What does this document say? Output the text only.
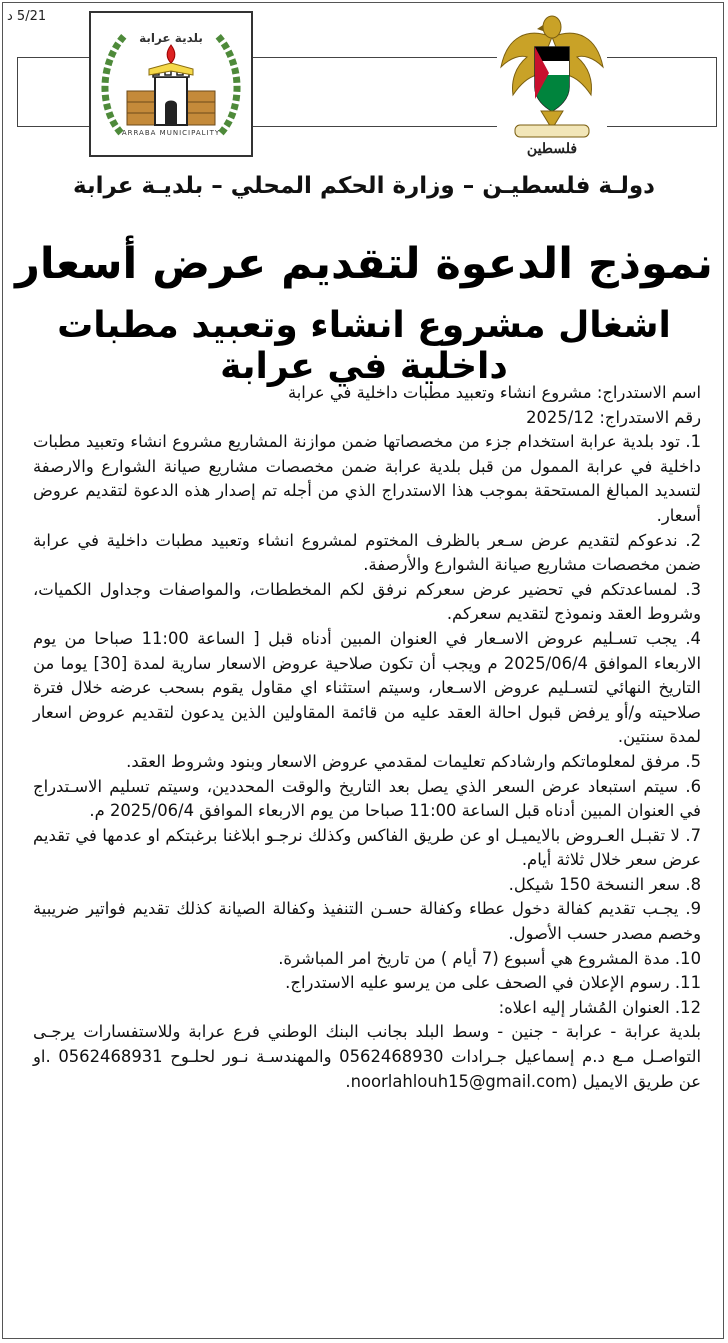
5/21 د
فلسطين
بلدية عرابة
ARRABA MUNICIPALITY
دولـة فلسطيـن – وزارة الحكم المحلي – بلديـة عرابة
نموذج الدعوة لتقديم عرض أسعار
اشغال مشروع انشاء وتعبيد مطبات داخلية في عرابة

اسم الاستدراج: مشروع انشاء وتعبيد مطبات داخلية في عرابة

رقم الاستدراج: 2025/12

1. تود بلدية عرابة استخدام جزء من مخصصاتها ضمن موازنة المشاريع مشروع انشاء وتعبيد مطبات داخلية في عرابة الممول من قبل بلدية عرابة ضمن مخصصات مشاريع صيانة الشوارع والارصفة لتسديد المبالغ المستحقة بموجب هذا الاستدراج الذي من أجله تم إصدار هذه الدعوة لتقديم عروض أسعار.

2. ندعوكم لتقديم عرض سـعر بالظرف المختوم لمشروع انشاء وتعبيد مطبات داخلية في عرابة ضمن مخصصات مشاريع صيانة الشوارع والأرصفة.

3. لمساعدتكم في تحضير عرض سعركم نرفق لكم المخططات، والمواصفات وجداول الكميات، وشروط العقد ونموذج لتقديم سعركم.

4. يجب تسـليم عروض الاسـعار في العنوان المبين أدناه قبل [ الساعة 11:00 صباحا من يوم الاربعاء الموافق 2025/06/4 م ويجب أن تكون صلاحية عروض الاسعار سارية لمدة [30] يوما من التاريخ النهائي لتسـليم عروض الاسـعار، وسيتم استثناء اي مقاول يقوم بسحب عرضه خلال فترة صلاحيته و/أو يرفض قبول احالة العقد عليه من قائمة المقاولين الذين يدعون لتقديم عروض اسعار لمدة سنتين.

5. مرفق لمعلوماتكم وارشادكم تعليمات لمقدمي عروض الاسعار وبنود وشروط العقد.

6. سيتم استبعاد عرض السعر الذي يصل بعد التاريخ والوقت المحددين، وسيتم تسليم الاسـتدراج في العنوان المبين أدناه قبل الساعة 11:00 صباحا من يوم الاربعاء الموافق 2025/06/4 م.

7. لا تقبـل العـروض بالايميـل او عن طريق الفاكس وكذلك نرجـو ابلاغنا برغبتكم او عدمها في تقديم عرض سعر خلال ثلاثة أيام.

8. سعر النسخة 150 شيكل.

9. يجـب تقديم كفالة دخول عطاء وكفالة حسـن التنفيذ وكفالة الصيانة كذلك تقديم فواتير ضريبية وخصم مصدر حسب الأصول.

10. مدة المشروع هي أسبوع (7 أيام ) من تاريخ امر المباشرة.

11. رسوم الإعلان في الصحف على من يرسو عليه الاستدراج.

12. العنوان المُشار إليه اعلاه:

بلدية عرابة - عرابة - جنين - وسط البلد بجانب البنك الوطني فرع عرابة وللاستفسارات يرجـى التواصـل مـع د.م إسماعيل جـرادات 0562468930 والمهندسـة نـور لحلـوح 0562468931 .او عن طريق الايميل (noorlahlouh15@gmail.com.
